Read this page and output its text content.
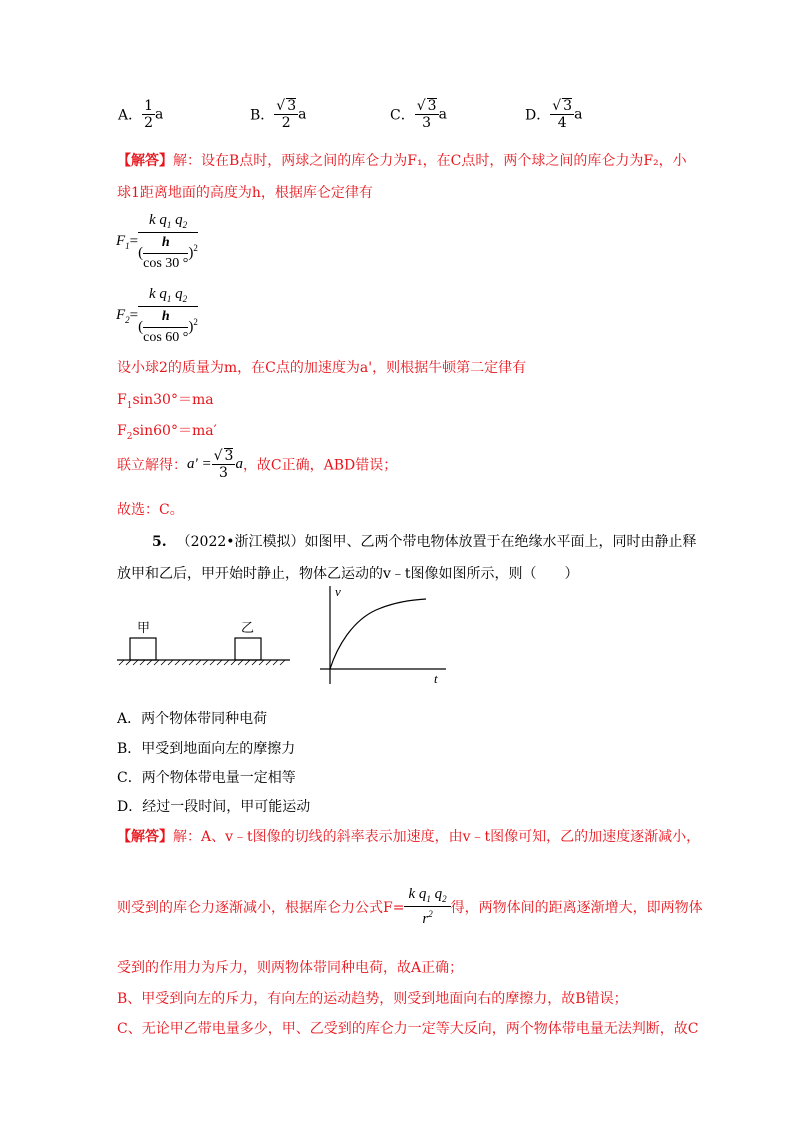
A． $\frac{1}{2}$ a	B． $\frac{√ 3}{2}$ a	C． $\frac{√ 3}{3}$ a	D． $\frac{√ 3}{4}$ a
【解答】解：设在B点时，两球之间的库仑力为F₁，在C点时，两个球之间的库仑力为F₂，小
球1距离地面的高度为h，根据库仑定律有
$F_1= \frac{k q_1 q_2}{( \frac{h}{\cos 30 ^\circ} )^2}$
$F_2= \frac{k q_1 q_2}{( \frac{h}{\cos 60 ^\circ} )^2}$
设小球2的质量为m，在C点的加速度为a'，则根据牛顿第二定律有
$F_1\sin 30^\circ=ma$
$F_2\sin 60^\circ=ma'$
联立解得：$a' = \frac{√ 3}{3}$ a，故C正确，ABD错误；
故选：C。
5. （2022•浙江模拟）如图甲、乙两个带电物体放置于在绝缘水平面上，同时由静止释
放甲和乙后，甲开始时静止，物体乙运动的v﹣t图像如图所示，则（　　）
甲	乙
v
t
A．两个物体带同种电荷
B．甲受到地面向左的摩擦力
C．两个物体带电量一定相等
D．经过一段时间，甲可能运动
【解答】解：A、v﹣t图像的切线的斜率表示加速度，由v﹣t图像可知，乙的加速度逐渐减小，
则受到的库仑力逐渐减小，根据库仑力公式$F= \frac{k q_1 q_2}{r^2}$ 得，两物体间的距离逐渐增大，即两物体
受到的作用力为斥力，则两物体带同种电荷，故A正确；
B、甲受到向左的斥力，有向左的运动趋势，则受到地面向右的摩擦力，故B错误；
C、无论甲乙带电量多少，甲、乙受到的库仑力一定等大反向，两个物体带电量无法判断，故C
